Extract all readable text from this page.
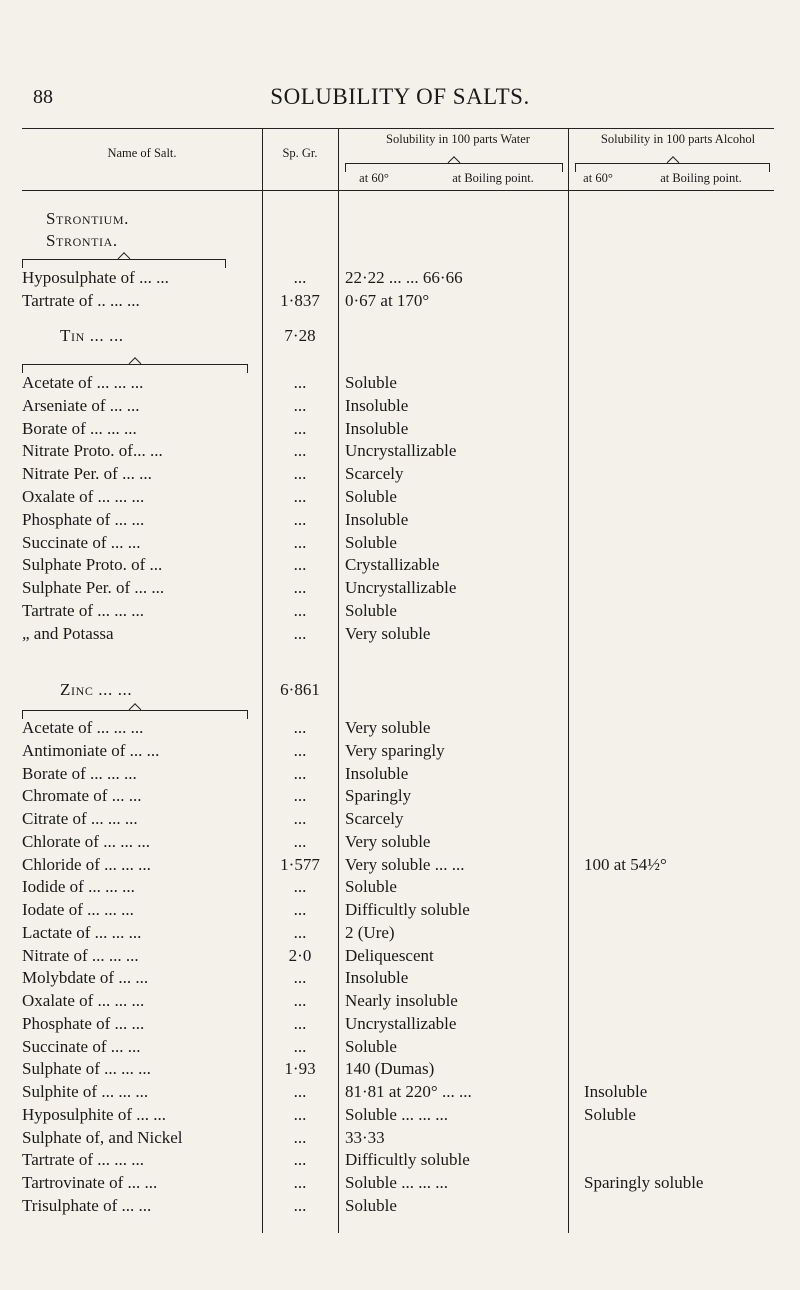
88	SOLUBILITY OF SALTS.
Name of Salt.	Sp. Gr.
Solubility in 100 parts Water
at 60°	at Boiling point.
Solubility in 100 parts Alcohol
at 60°	at Boiling point.
Strontium.
Strontia.
Hyposulphate of ... ...	...	22·22 ... ... 66·66
Tartrate of .. ... ...	1·837	0·67 at 170°
Tin ... ...	7·28
Acetate of ... ... ...	...	Soluble
Arseniate of ... ...	...	Insoluble
Borate of ... ... ...	...	Insoluble
Nitrate Proto. of... ...	...	Uncrystallizable
Nitrate Per. of ... ...	...	Scarcely
Oxalate of ... ... ...	...	Soluble
Phosphate of ... ...	...	Insoluble
Succinate of ... ...	...	Soluble
Sulphate Proto. of ...	...	Crystallizable
Sulphate Per. of ... ...	...	Uncrystallizable
Tartrate of ... ... ...	...	Soluble
„ and Potassa	...	Very soluble
Zinc ... ...	6·861
Acetate of ... ... ...	...	Very soluble
Antimoniate of ... ...	...	Very sparingly
Borate of ... ... ...	...	Insoluble
Chromate of ... ...	...	Sparingly
Citrate of ... ... ...	...	Scarcely
Chlorate of ... ... ...	...	Very soluble
Chloride of ... ... ...	1·577	Very soluble ... ...	100 at 54½°
Iodide of ... ... ...	...	Soluble
Iodate of ... ... ...	...	Difficultly soluble
Lactate of ... ... ...	...	2 (Ure)
Nitrate of ... ... ...	2·0	Deliquescent
Molybdate of ... ...	...	Insoluble
Oxalate of ... ... ...	...	Nearly insoluble
Phosphate of ... ...	...	Uncrystallizable
Succinate of ... ...	...	Soluble
Sulphate of ... ... ...	1·93	140 (Dumas)
Sulphite of ... ... ...	...	81·81 at 220° ... ...	Insoluble
Hyposulphite of ... ...	...	Soluble ... ... ...	Soluble
Sulphate of, and Nickel	...	33·33
Tartrate of ... ... ...	...	Difficultly soluble
Tartrovinate of ... ...	...	Soluble ... ... ...	Sparingly soluble
Trisulphate of ... ...	...	Soluble
